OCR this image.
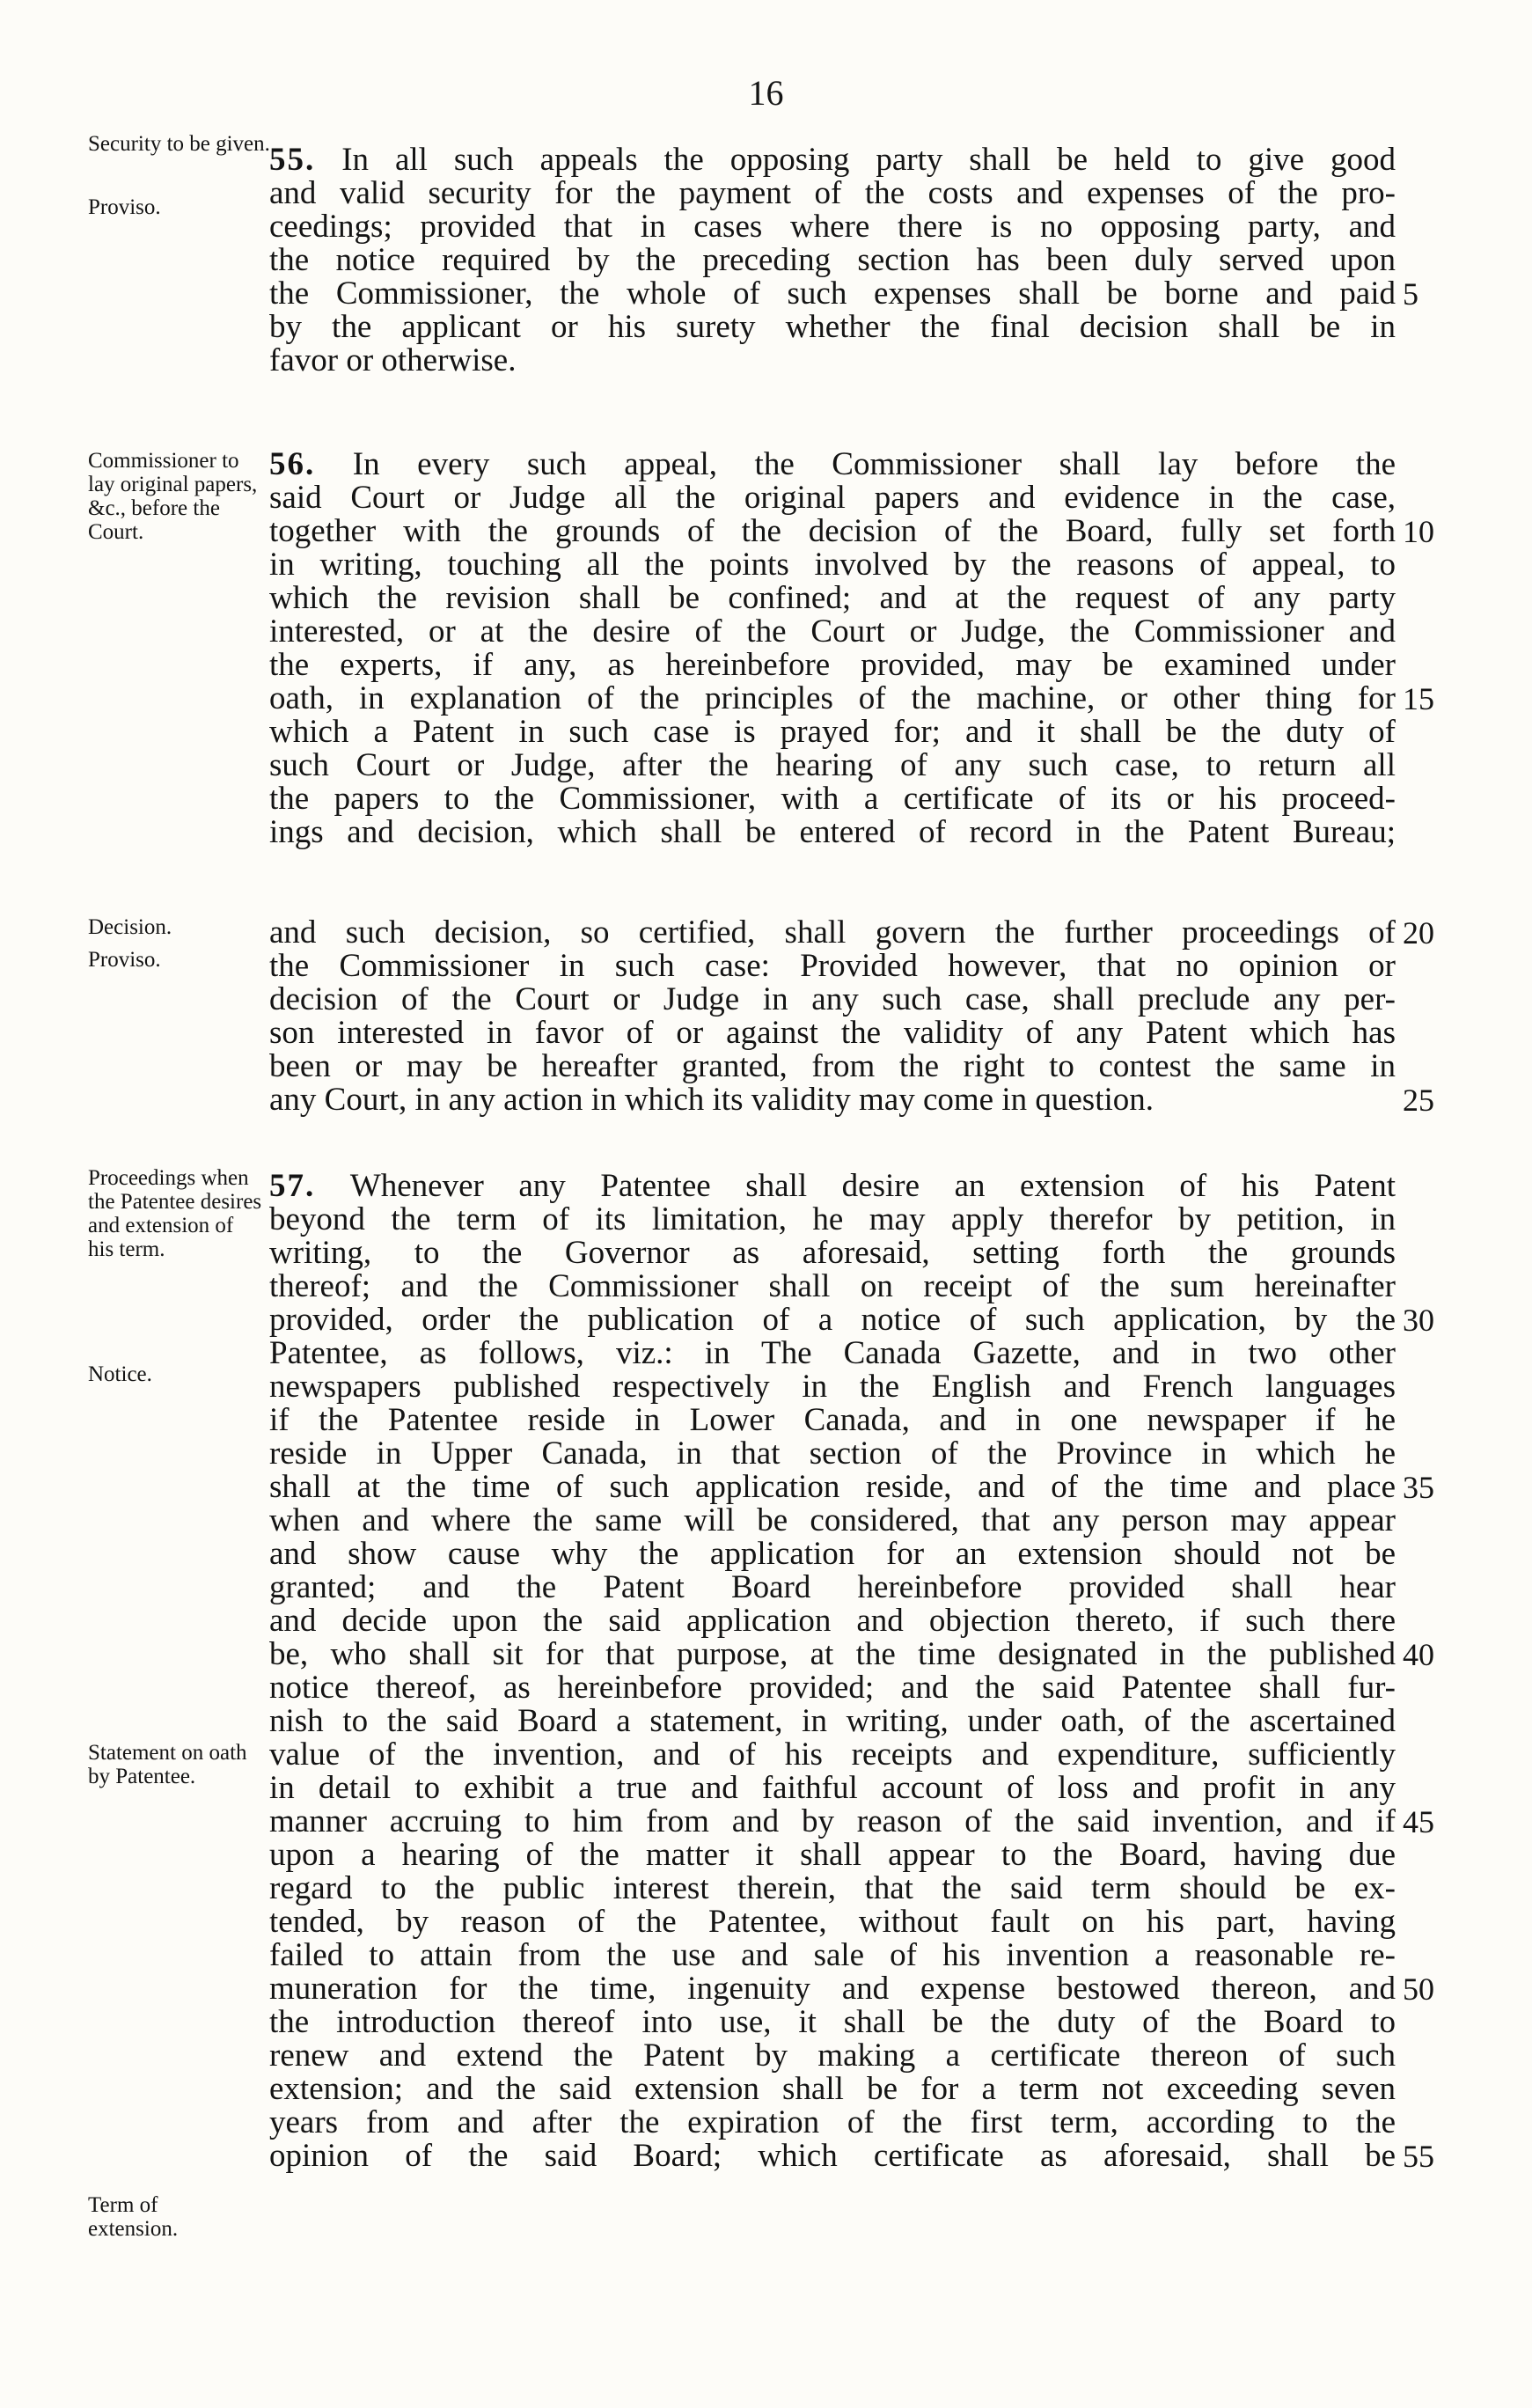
16
Security to be given.
Proviso.
Commissioner to lay original papers, &c., before the Court.
Decision.
Proviso.
Proceedings when the Patentee desires and extension of his term.
Notice.
Statement on oath by Patentee.
Term of extension.
55. In all such appeals the opposing party shall be held to give good
and valid security for the payment of the costs and expenses of the pro-
ceedings; provided that in cases where there is no opposing party, and
the notice required by the preceding section has been duly served upon
the Commissioner, the whole of such expenses shall be borne and paid
by the applicant or his surety whether the final decision shall be in
favor or otherwise.
56. In every such appeal, the Commissioner shall lay before the
said Court or Judge all the original papers and evidence in the case,
together with the grounds of the decision of the Board, fully set forth
in writing, touching all the points involved by the reasons of appeal, to
which the revision shall be confined; and at the request of any party
interested, or at the desire of the Court or Judge, the Commissioner and
the experts, if any, as hereinbefore provided, may be examined under
oath, in explanation of the principles of the machine, or other thing for
which a Patent in such case is prayed for; and it shall be the duty of
such Court or Judge, after the hearing of any such case, to return all
the papers to the Commissioner, with a certificate of its or his proceed-
ings and decision, which shall be entered of record in the Patent Bureau;
and such decision, so certified, shall govern the further proceedings of
the Commissioner in such case: Provided however, that no opinion or
decision of the Court or Judge in any such case, shall preclude any per-
son interested in favor of or against the validity of any Patent which has
been or may be hereafter granted, from the right to contest the same in
any Court, in any action in which its validity may come in question.
57. Whenever any Patentee shall desire an extension of his Patent
beyond the term of its limitation, he may apply therefor by petition, in
writing, to the Governor as aforesaid, setting forth the grounds
thereof; and the Commissioner shall on receipt of the sum hereinafter
provided, order the publication of a notice of such application, by the
Patentee, as follows, viz.: in The Canada Gazette, and in two other
newspapers published respectively in the English and French languages
if the Patentee reside in Lower Canada, and in one newspaper if he
reside in Upper Canada, in that section of the Province in which he
shall at the time of such application reside, and of the time and place
when and where the same will be considered, that any person may appear
and show cause why the application for an extension should not be
granted; and the Patent Board hereinbefore provided shall hear
and decide upon the said application and objection thereto, if such there
be, who shall sit for that purpose, at the time designated in the published
notice thereof, as hereinbefore provided; and the said Patentee shall fur-
nish to the said Board a statement, in writing, under oath, of the ascertained
value of the invention, and of his receipts and expenditure, sufficiently
in detail to exhibit a true and faithful account of loss and profit in any
manner accruing to him from and by reason of the said invention, and if
upon a hearing of the matter it shall appear to the Board, having due
regard to the public interest therein, that the said term should be ex-
tended, by reason of the Patentee, without fault on his part, having
failed to attain from the use and sale of his invention a reasonable re-
muneration for the time, ingenuity and expense bestowed thereon, and
the introduction thereof into use, it shall be the duty of the Board to
renew and extend the Patent by making a certificate thereon of such
extension; and the said extension shall be for a term not exceeding seven
years from and after the expiration of the first term, according to the
opinion of the said Board; which certificate as aforesaid, shall be
5
10
15
20
25
30
35
40
45
50
55
